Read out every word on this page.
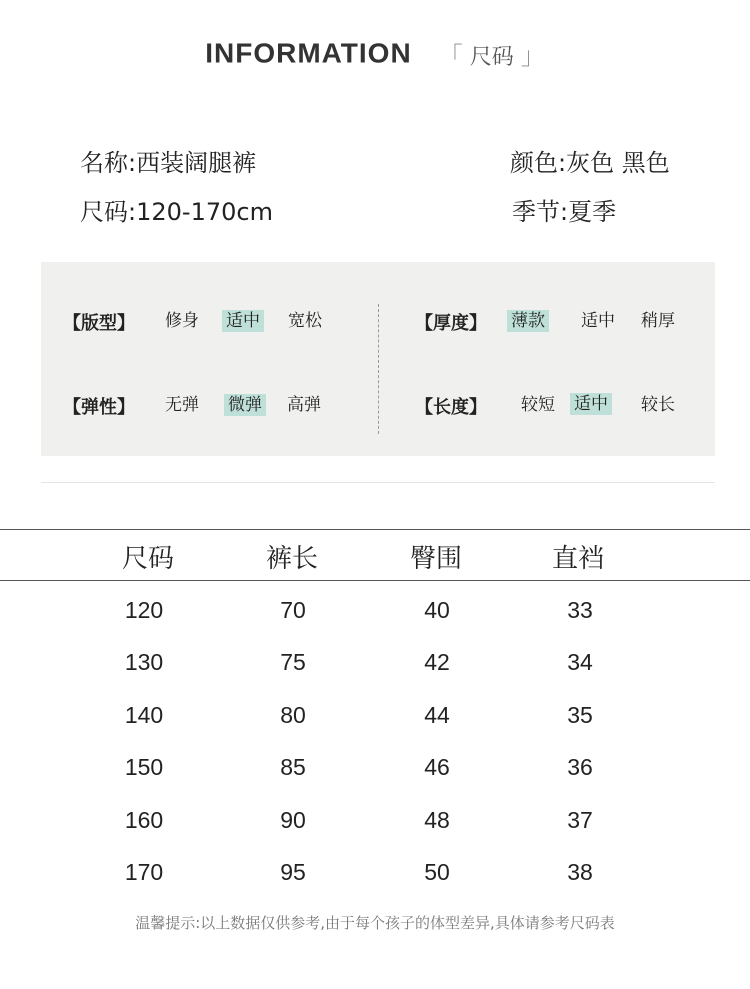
INFORMATION 「 尺码 」
名称:西装阔腿裤	颜色:灰色 黑色
尺码:120-170cm	季节:夏季
【版型】 修身 适中 宽松	【厚度】 薄款 适中 稍厚
【弹性】 无弹 微弹 高弹	【长度】 较短 适中 较长
尺码	裤长	臀围	直裆
120	70	40	33
130	75	42	34
140	80	44	35
150	85	46	36
160	90	48	37
170	95	50	38
温馨提示:以上数据仅供参考,由于每个孩子的体型差异,具体请参考尺码表
